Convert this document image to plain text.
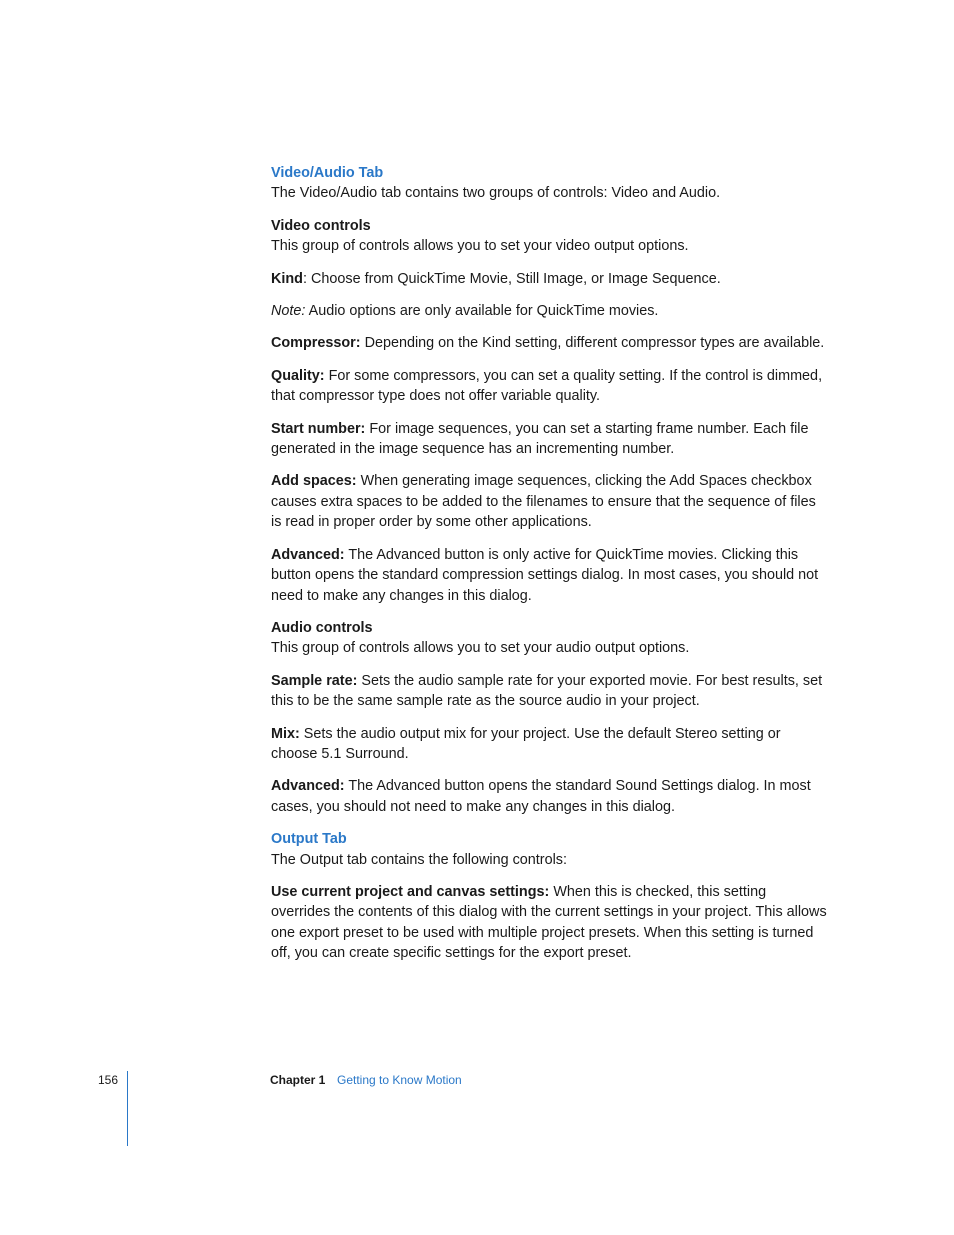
Video/Audio Tab

The Video/Audio tab contains two groups of controls: Video and Audio.

Video controls

This group of controls allows you to set your video output options.

Kind: Choose from QuickTime Movie, Still Image, or Image Sequence.

Note: Audio options are only available for QuickTime movies.

Compressor: Depending on the Kind setting, different compressor types are available.

Quality: For some compressors, you can set a quality setting. If the control is dimmed, that compressor type does not offer variable quality.

Start number: For image sequences, you can set a starting frame number. Each file generated in the image sequence has an incrementing number.

Add spaces: When generating image sequences, clicking the Add Spaces checkbox causes extra spaces to be added to the filenames to ensure that the sequence of files is read in proper order by some other applications.

Advanced: The Advanced button is only active for QuickTime movies. Clicking this button opens the standard compression settings dialog. In most cases, you should not need to make any changes in this dialog.

Audio controls

This group of controls allows you to set your audio output options.

Sample rate: Sets the audio sample rate for your exported movie. For best results, set this to be the same sample rate as the source audio in your project.

Mix: Sets the audio output mix for your project. Use the default Stereo setting or choose 5.1 Surround.

Advanced: The Advanced button opens the standard Sound Settings dialog. In most cases, you should not need to make any changes in this dialog.

Output Tab

The Output tab contains the following controls:

Use current project and canvas settings: When this is checked, this setting overrides the contents of this dialog with the current settings in your project. This allows one export preset to be used with multiple project presets. When this setting is turned off, you can create specific settings for the export preset.

156	Chapter 1 Getting to Know Motion
